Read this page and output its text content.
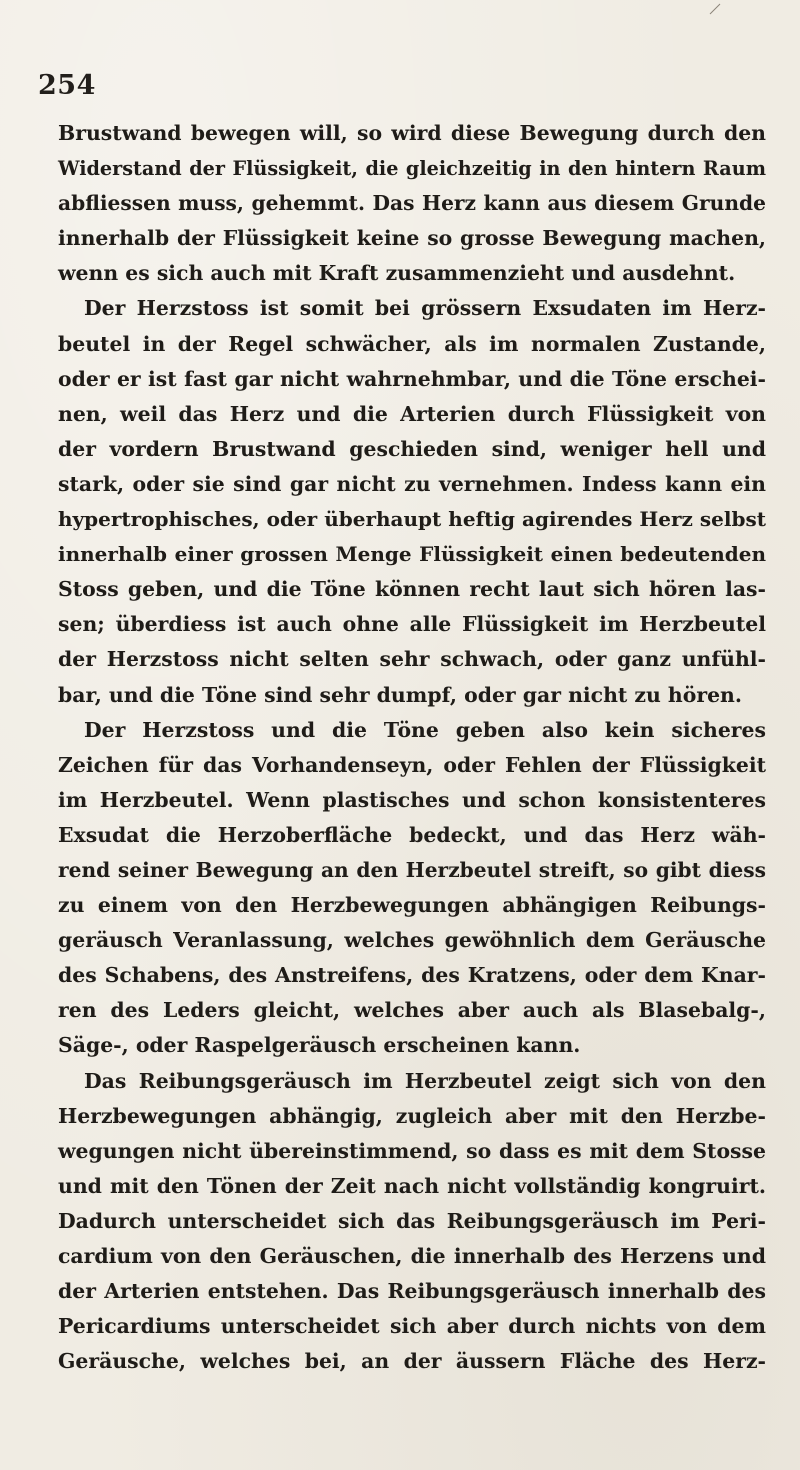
254
Brustwand bewegen will, so wird diese Bewegung durch den
Widerstand der Flüssigkeit, die gleichzeitig in den hintern Raum
abfliessen muss, gehemmt. Das Herz kann aus diesem Grunde
innerhalb der Flüssigkeit keine so grosse Bewegung machen,
wenn es sich auch mit Kraft zusammenzieht und ausdehnt.
Der Herzstoss ist somit bei grössern Exsudaten im Herz-
beutel in der Regel schwächer, als im normalen Zustande,
oder er ist fast gar nicht wahrnehmbar, und die Töne erschei-
nen, weil das Herz und die Arterien durch Flüssigkeit von
der vordern Brustwand geschieden sind, weniger hell und
stark, oder sie sind gar nicht zu vernehmen. Indess kann ein
hypertrophisches, oder überhaupt heftig agirendes Herz selbst
innerhalb einer grossen Menge Flüssigkeit einen bedeutenden
Stoss geben, und die Töne können recht laut sich hören las-
sen; überdiess ist auch ohne alle Flüssigkeit im Herzbeutel
der Herzstoss nicht selten sehr schwach, oder ganz unfühl-
bar, und die Töne sind sehr dumpf, oder gar nicht zu hören.
Der Herzstoss und die Töne geben also kein sicheres
Zeichen für das Vorhandenseyn, oder Fehlen der Flüssigkeit
im Herzbeutel. Wenn plastisches und schon konsistenteres
Exsudat die Herzoberfläche bedeckt, und das Herz wäh-
rend seiner Bewegung an den Herzbeutel streift, so gibt diess
zu einem von den Herzbewegungen abhängigen Reibungs-
geräusch Veranlassung, welches gewöhnlich dem Geräusche
des Schabens, des Anstreifens, des Kratzens, oder dem Knar-
ren des Leders gleicht, welches aber auch als Blasebalg-,
Säge-, oder Raspelgeräusch erscheinen kann.
Das Reibungsgeräusch im Herzbeutel zeigt sich von den
Herzbewegungen abhängig, zugleich aber mit den Herzbe-
wegungen nicht übereinstimmend, so dass es mit dem Stosse
und mit den Tönen der Zeit nach nicht vollständig kongruirt.
Dadurch unterscheidet sich das Reibungsgeräusch im Peri-
cardium von den Geräuschen, die innerhalb des Herzens und
der Arterien entstehen. Das Reibungsgeräusch innerhalb des
Pericardiums unterscheidet sich aber durch nichts von dem
Geräusche, welches bei, an der äussern Fläche des Herz-
